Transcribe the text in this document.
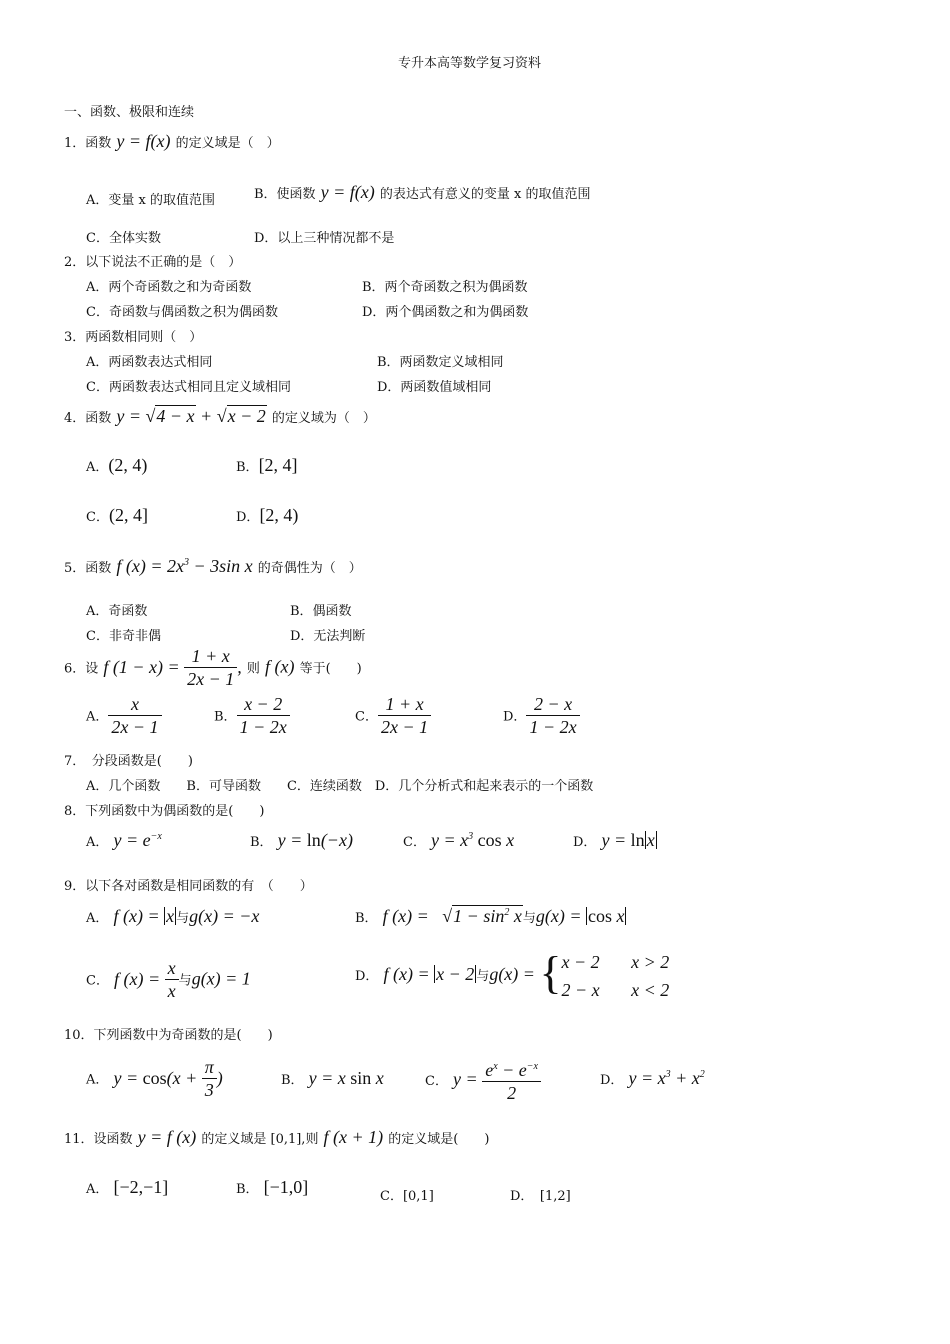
专升本高等数学复习资料
一、函数、极限和连续
1．函数 y = f(x) 的定义域是（　）
A．变量 x 的取值范围	B．使函数 y = f(x) 的表达式有意义的变量 x 的取值范围
C．全体实数	D．以上三种情况都不是
2．以下说法不正确的是（　）
A．两个奇函数之和为奇函数	B．两个奇函数之积为偶函数
C．奇函数与偶函数之积为偶函数	D．两个偶函数之和为偶函数
3．两函数相同则（　）
A．两函数表达式相同	B．两函数定义域相同
C．两函数表达式相同且定义域相同	D．两函数值域相同
4．函数 y = √4 − x + √x − 2 的定义域为（　）
A．(2, 4)	B．[2, 4]
C．(2, 4]	D．[2, 4)
5．函数 f $(x) = 2x^3 - 3\sin$ x 的奇偶性为（　）
A．奇函数	B．偶函数
C．非奇非偶	D．无法判断
6．设 f $(1 - x) = \frac{1 + x}{2x - 1}$ , 则 f (x) 等于(　　)
A． $\frac{x}{2x - 1}$	B． $\frac{x - 2}{1 - 2x}$	C． $\frac{1 + x}{2x - 1}$	D． $\frac{2 - x}{1 - 2x}$
7．　分段函数是(　　)
A．几个函数　　B．可导函数　　C．连续函数　D．几个分析式和起来表示的一个函数
8．下列函数中为偶函数的是(　　)
A． $y = e^{-x}$	B． y = ln(−x)	C． $y = x^3$ cos x	D． y = ln x
9．以下各对函数是相同函数的有　（　　）
A． f (x) = x 与g(x) = −x	B． f $(x) = √1 - \sin^2 x$与g(x) = cos x
C． f $(x) = \frac{x}{x}$ 与g(x) = 1	D． f (x) = x − 2 与g(x) = { x − 2       x > 2
2 − x       x < 2
10．下列函数中为奇函数的是(　　)
A． $y = \cos(x + \frac{\pi}{3}$ )	B． y = x sin x	C． $y = \frac{e^x - e^{-x}}{2}$	D． $y = x^3 + x^2$
11．设函数 y = f (x) 的定义域是 [0,1],则 f (x + 1) 的定义域是(　　)
A． [−2,−1]	B． [−1,0]	C．[0,1]	D．　[1,2]
